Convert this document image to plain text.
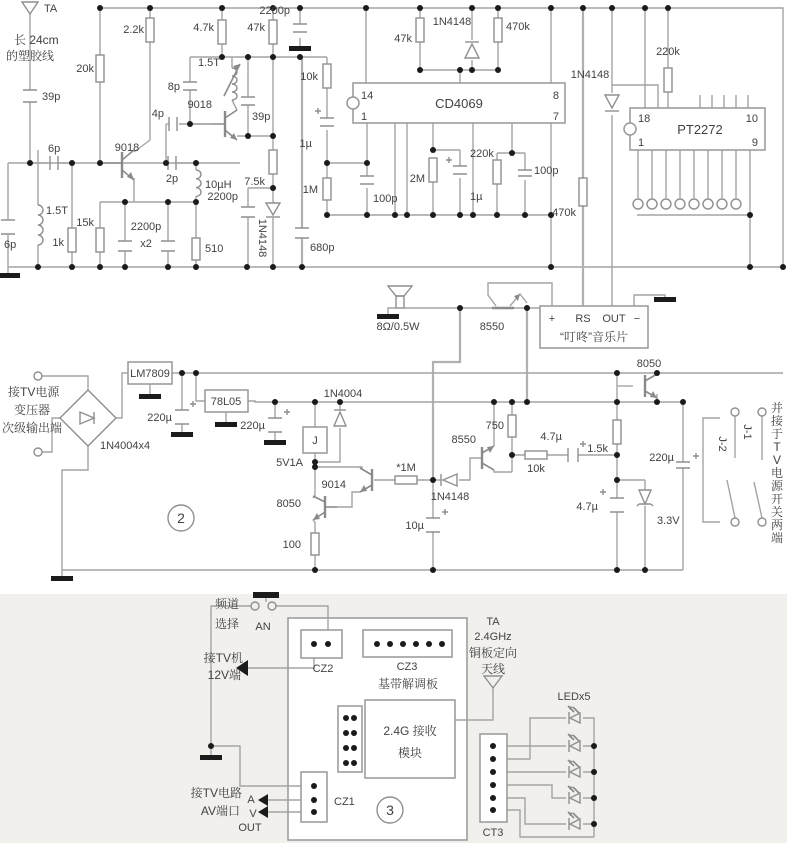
TA
长 24cm
的塑胶线
39p
6p
1.5T
6p	1k
20k
15k
9018
2.2k
2200p
x2	510
10µH
2p
4p
8p
1.5T
9018
39p
4.7k	47k
7.5k
1N4148
2200p
2200p
10k
1µ
1M
680p
100p
2M
1µ
220k
100p
CD4069
14
1
8
7
47k
1N4148	470k
1N4148
470k
220k
PT2272
18
1
10
9
8Ω/0.5W	8550
+ RS OUT −
“叮咚”音乐片
8050
接TV电源
变压器
次级输出端
1N4004x4
LM7809
220µ
78L05
220µ
J
5V1A
1N4004
8050
100
9014
*1M
10µ
1N4148
8550
750
10k
4.7µ
1.5k
4.7µ
3.3V
220µ
J-1
J-2
并接于 T V 电源开关两端
2
频道
选择 AN
CZ2	CZ3
基带解调板
接TV机
12V端
2.4G 接收
模块
CZ1
接TV电路
AV端口
A
V
OUT
3
TA
2.4GHz
铜板定向
天线
LEDx5
CT3
